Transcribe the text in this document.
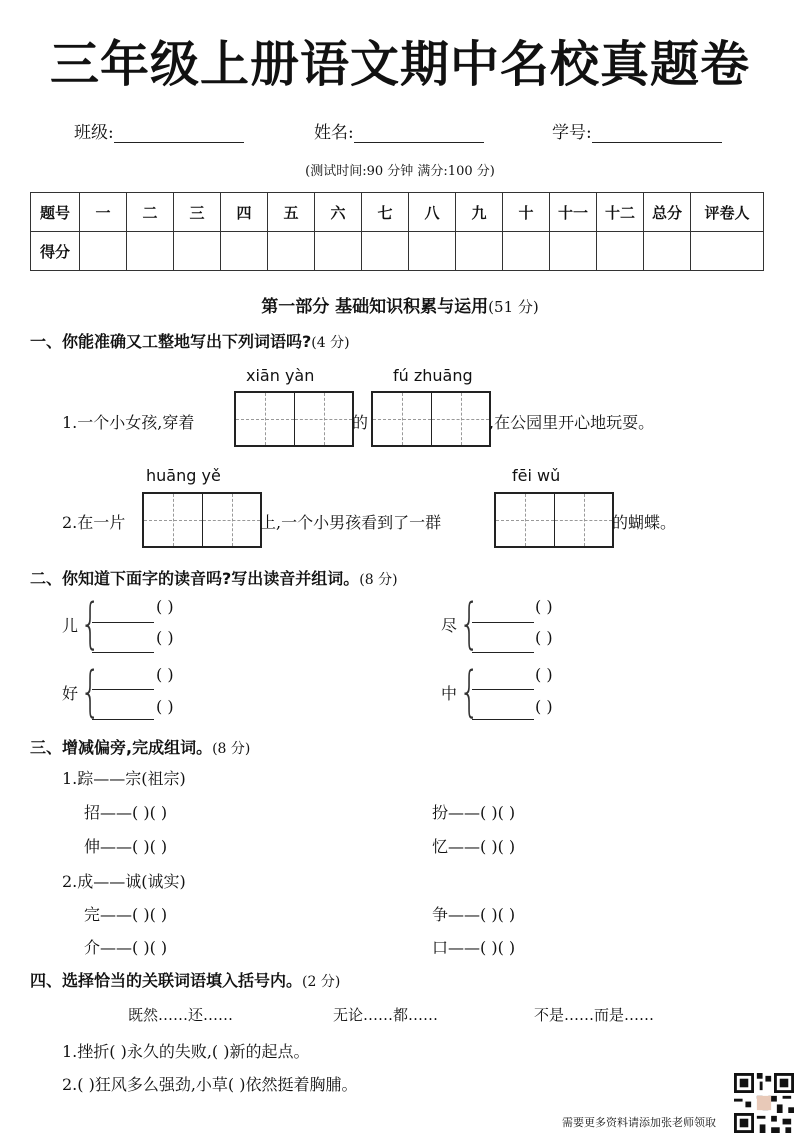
三年级上册语文期中名校真题卷
班级:	姓名:	学号:
(测试时间:90 分钟 满分:100 分)
题号	一	二	三	四	五	六	七	八	九	十	十一	十二	总分	评卷人
得分														
第一部分 基础知识积累与运用(51 分)
一、你能准确又工整地写出下列词语吗?(4 分)
xiān yàn	fú zhuāng
1.一个小女孩,穿着	的	,在公园里开心地玩耍。
huāng yě	fēi wǔ
2.在一片	上,一个小男孩看到了一群	的蝴蝶。
二、你知道下面字的读音吗?写出读音并组词。(8 分)
儿 {	( )
( )
尽 {	( )
( )
好 {	( )
( )
中 {	( )
( )
三、增减偏旁,完成组词。(8 分)
1.踪——宗(祖宗)
招——( )( )	扮——( )( )
伸——( )( )	忆——( )( )
2.成——诚(诚实)
完——( )( )	争——( )( )
介——( )( )	口——( )( )
四、选择恰当的关联词语填入括号内。(2 分)
既然……还……	无论……都……	不是……而是……
1.挫折( )永久的失败,( )新的起点。
2.( )狂风多么强劲,小草( )依然挺着胸脯。
需要更多资料请添加张老师领取
